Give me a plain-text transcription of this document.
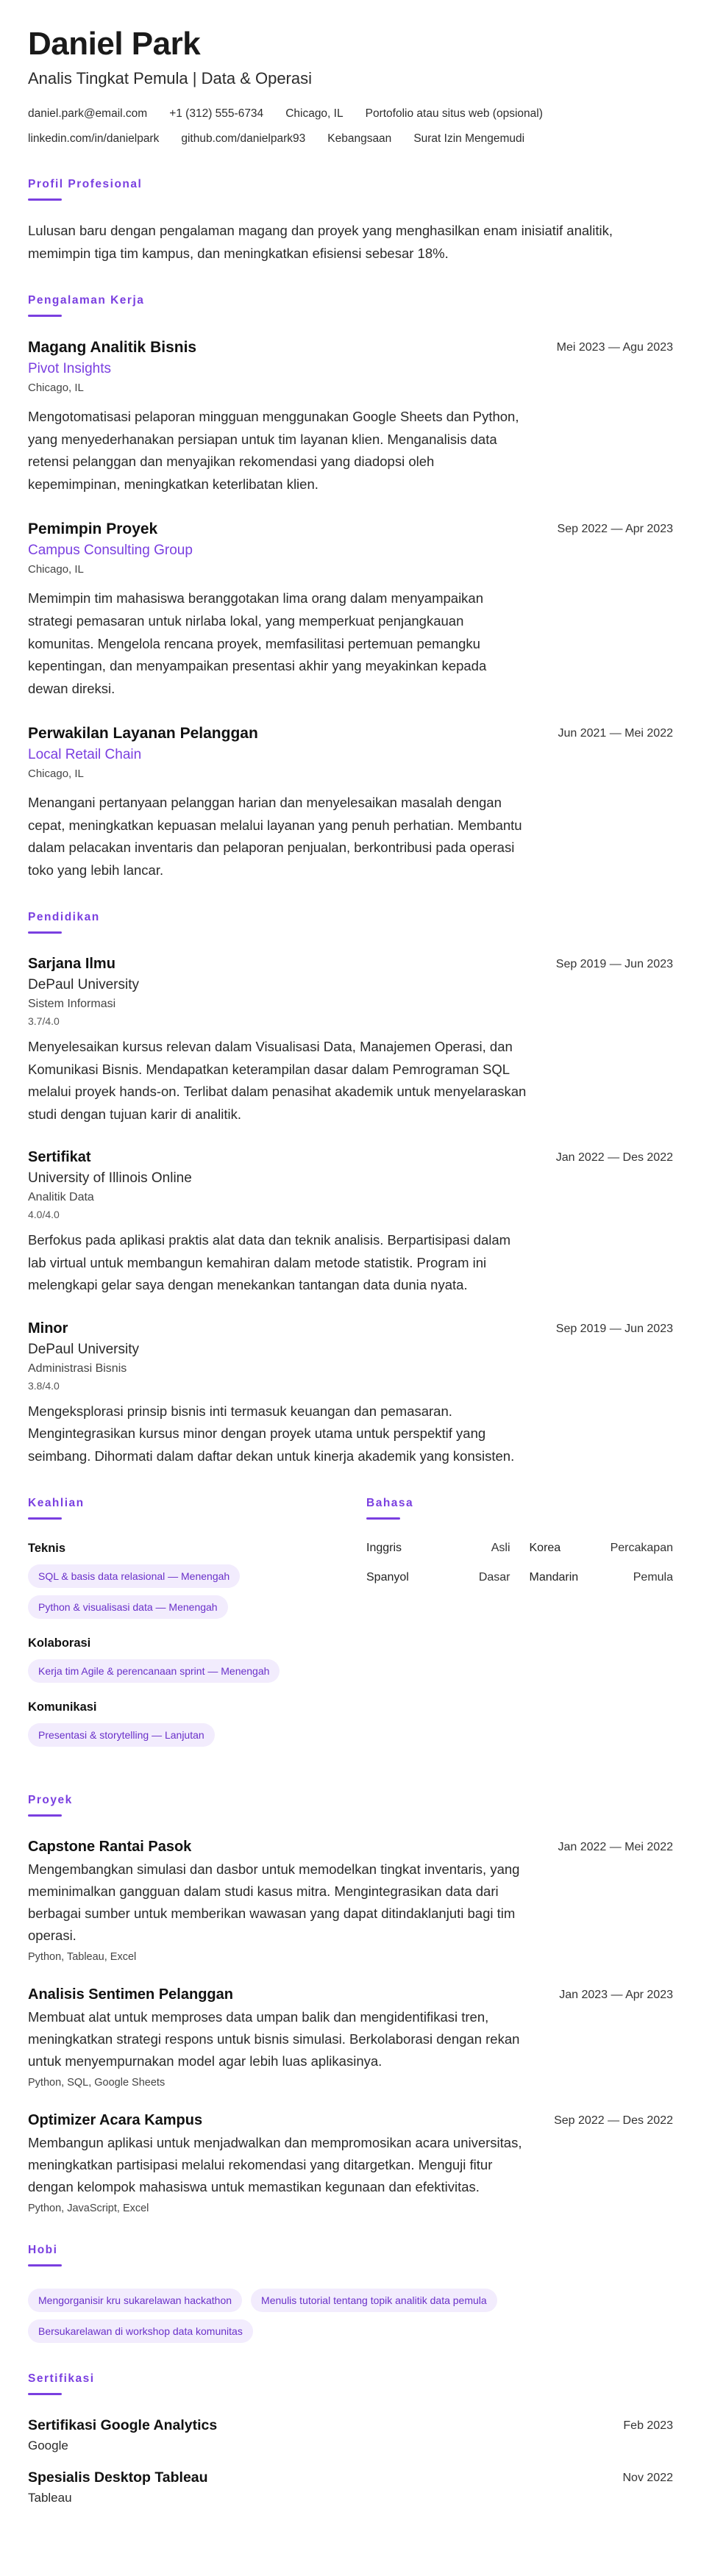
Daniel Park
Analis Tingkat Pemula | Data & Operasi
daniel.park@email.com +1 (312) 555-6734 Chicago, IL Portofolio atau situs web (opsional)
linkedin.com/in/danielpark github.com/danielpark93 Kebangsaan Surat Izin Mengemudi
Profil Profesional

Lulusan baru dengan pengalaman magang dan proyek yang menghasilkan enam inisiatif analitik, memimpin tiga tim kampus, dan meningkatkan efisiensi sebesar 18%.

Pengalaman Kerja
Magang Analitik Bisnis	Mei 2023 — Agu 2023
Pivot Insights
Chicago, IL

Mengotomatisasi pelaporan mingguan menggunakan Google Sheets dan Python, yang menyederhanakan persiapan untuk tim layanan klien. Menganalisis data retensi pelanggan dan menyajikan rekomendasi yang diadopsi oleh kepemimpinan, meningkatkan keterlibatan klien.

Pemimpin Proyek	Sep 2022 — Apr 2023
Campus Consulting Group
Chicago, IL

Memimpin tim mahasiswa beranggotakan lima orang dalam menyampaikan strategi pemasaran untuk nirlaba lokal, yang memperkuat penjangkauan komunitas. Mengelola rencana proyek, memfasilitasi pertemuan pemangku kepentingan, dan menyampaikan presentasi akhir yang meyakinkan kepada dewan direksi.

Perwakilan Layanan Pelanggan	Jun 2021 — Mei 2022
Local Retail Chain
Chicago, IL

Menangani pertanyaan pelanggan harian dan menyelesaikan masalah dengan cepat, meningkatkan kepuasan melalui layanan yang penuh perhatian. Membantu dalam pelacakan inventaris dan pelaporan penjualan, berkontribusi pada operasi toko yang lebih lancar.

Pendidikan
Sarjana Ilmu	Sep 2019 — Jun 2023
DePaul University
Sistem Informasi
3.7/4.0

Menyelesaikan kursus relevan dalam Visualisasi Data, Manajemen Operasi, dan Komunikasi Bisnis. Mendapatkan keterampilan dasar dalam Pemrograman SQL melalui proyek hands-on. Terlibat dalam penasihat akademik untuk menyelaraskan studi dengan tujuan karir di analitik.

Sertifikat	Jan 2022 — Des 2022
University of Illinois Online
Analitik Data
4.0/4.0

Berfokus pada aplikasi praktis alat data dan teknik analisis. Berpartisipasi dalam lab virtual untuk membangun kemahiran dalam metode statistik. Program ini melengkapi gelar saya dengan menekankan tantangan data dunia nyata.

Minor	Sep 2019 — Jun 2023
DePaul University
Administrasi Bisnis
3.8/4.0

Mengeksplorasi prinsip bisnis inti termasuk keuangan dan pemasaran. Mengintegrasikan kursus minor dengan proyek utama untuk perspektif yang seimbang. Dihormati dalam daftar dekan untuk kinerja akademik yang konsisten.

Keahlian
Teknis
SQL & basis data relasional — Menengah
Python & visualisasi data — Menengah
Kolaborasi
Kerja tim Agile & perencanaan sprint — Menengah
Komunikasi
Presentasi & storytelling — Lanjutan
Bahasa
Inggris	Asli Korea	Percakapan
Spanyol	Dasar Mandarin	Pemula
Proyek
Capstone Rantai Pasok	Jan 2022 — Mei 2022

Mengembangkan simulasi dan dasbor untuk memodelkan tingkat inventaris, yang meminimalkan gangguan dalam studi kasus mitra. Mengintegrasikan data dari berbagai sumber untuk memberikan wawasan yang dapat ditindaklanjuti bagi tim operasi.

Python, Tableau, Excel
Analisis Sentimen Pelanggan	Jan 2023 — Apr 2023

Membuat alat untuk memproses data umpan balik dan mengidentifikasi tren, meningkatkan strategi respons untuk bisnis simulasi. Berkolaborasi dengan rekan untuk menyempurnakan model agar lebih luas aplikasinya.

Python, SQL, Google Sheets
Optimizer Acara Kampus	Sep 2022 — Des 2022

Membangun aplikasi untuk menjadwalkan dan mempromosikan acara universitas, meningkatkan partisipasi melalui rekomendasi yang ditargetkan. Menguji fitur dengan kelompok mahasiswa untuk memastikan kegunaan dan efektivitas.

Python, JavaScript, Excel
Hobi
Mengorganisir kru sukarelawan hackathon	Menulis tutorial tentang topik analitik data pemula
Bersukarelawan di workshop data komunitas
Sertifikasi
Sertifikasi Google Analytics	Feb 2023
Google
Spesialis Desktop Tableau	Nov 2022
Tableau
